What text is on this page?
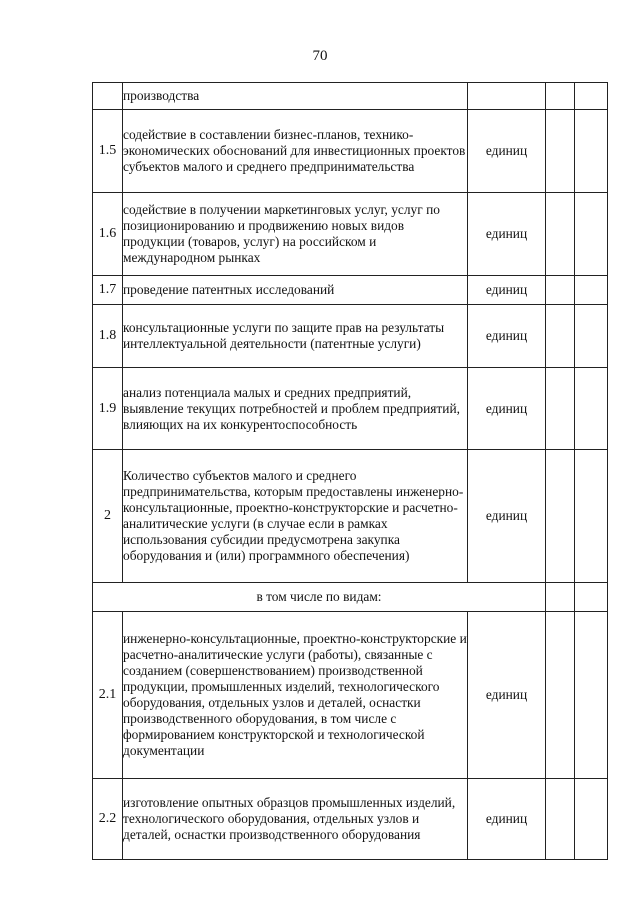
70
	производства			
1.5	содействие в составлении бизнес-планов, технико-экономических обоснований для инвестиционных проектов субъектов малого и среднего предпринимательства	единиц		
1.6	содействие в получении маркетинговых услуг, услуг по позиционированию и продвижению новых видов продукции (товаров, услуг) на российском и международном рынках	единиц		
1.7	проведение патентных исследований	единиц		
1.8	консультационные услуги по защите прав на результаты интеллектуальной деятельности (патентные услуги)	единиц		
1.9	анализ потенциала малых и средних предприятий, выявление текущих потребностей и проблем предприятий, влияющих на их конкурентоспособность	единиц		
2	Количество субъектов малого и среднего предпринимательства, которым предоставлены инженерно-консультационные, проектно-конструкторские и расчетно-аналитические услуги (в случае если в рамках использования субсидии предусмотрена закупка оборудования и (или) программного обеспечения)	единиц		
в том числе по видам:				
2.1	инженерно-консультационные, проектно-конструкторские и расчетно-аналитические услуги (работы), связанные с созданием (совершенствованием) производственной продукции, промышленных изделий, технологического оборудования, отдельных узлов и деталей, оснастки производственного оборудования, в том числе с формированием конструкторской и технологической документации	единиц		
2.2	изготовление опытных образцов промышленных изделий, технологического оборудования, отдельных узлов и деталей, оснастки производственного оборудования	единиц		
